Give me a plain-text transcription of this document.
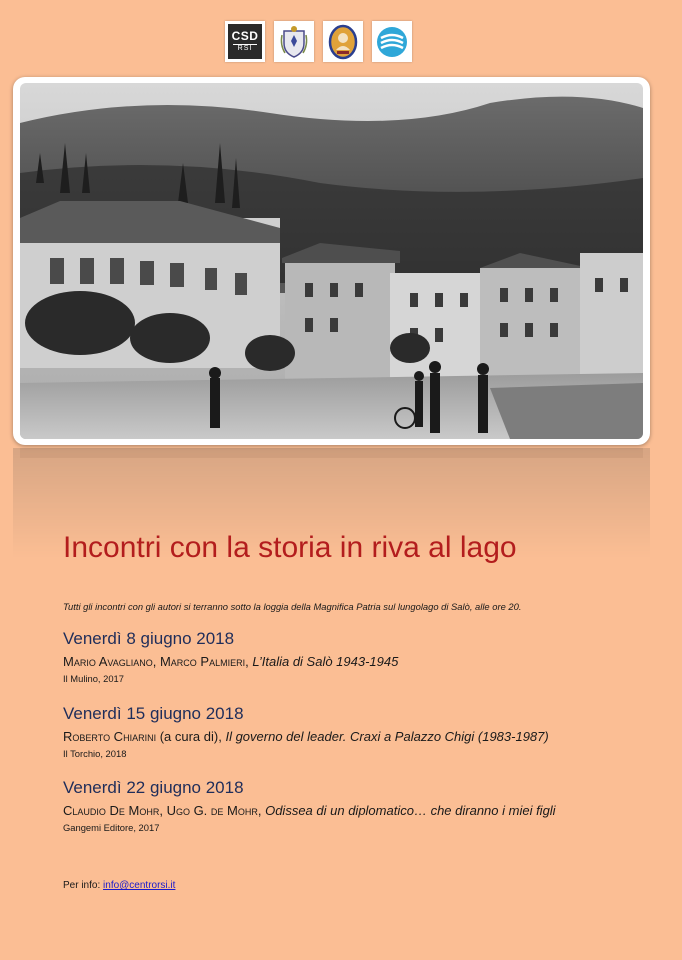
CSD
RSI
Incontri con la storia in riva al lago
Tutti gli incontri con gli autori si terranno sotto la loggia della Magnifica Patria sul lungolago di Salò, alle ore 20.
Venerdì 8 giugno 2018
Mario Avagliano, Marco Palmieri, L’Italia di Salò 1943-1945
Il Mulino, 2017
Venerdì 15 giugno 2018
Roberto Chiarini (a cura di), Il governo del leader. Craxi a Palazzo Chigi (1983-1987)
Il Torchio, 2018
Venerdì 22 giugno 2018
Claudio De Mohr, Ugo G. de Mohr, Odissea di un diplomatico… che diranno i miei figli
Gangemi Editore, 2017
Per info: info@centrorsi.it
